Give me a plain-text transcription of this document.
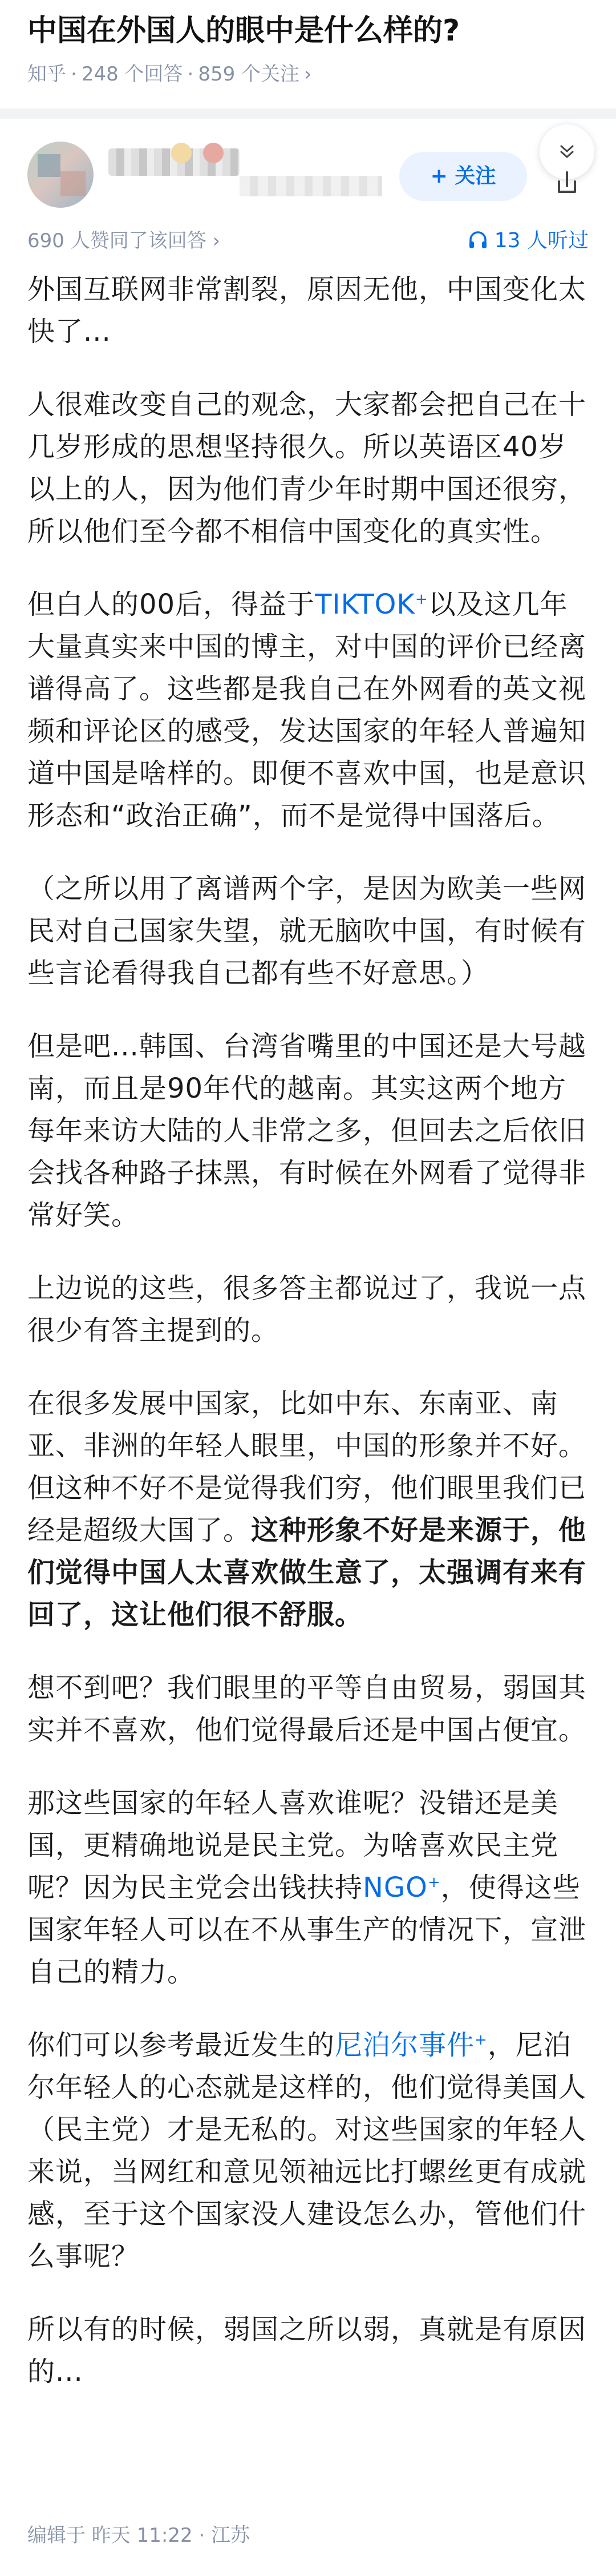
中国在外国人的眼中是什么样的?
知乎 · 248 个回答 · 859 个关注 ›
+ 关注
690 人赞同了该回答 ›	13 人听过

外国互联网非常割裂，原因无他，中国变化太快了...

人很难改变自己的观念，大家都会把自己在十几岁形成的思想坚持很久。所以英语区40岁以上的人，因为他们青少年时期中国还很穷，所以他们至今都不相信中国变化的真实性。

但白人的00后，得益于TIKTOK+以及这几年大量真实来中国的博主，对中国的评价已经离谱得高了。这些都是我自己在外网看的英文视频和评论区的感受，发达国家的年轻人普遍知道中国是啥样的。即便不喜欢中国，也是意识形态和“政治正确”，而不是觉得中国落后。

（之所以用了离谱两个字，是因为欧美一些网民对自己国家失望，就无脑吹中国，有时候有些言论看得我自己都有些不好意思。）

但是吧...韩国、台湾省嘴里的中国还是大号越南，而且是90年代的越南。其实这两个地方每年来访大陆的人非常之多，但回去之后依旧会找各种路子抹黑，有时候在外网看了觉得非常好笑。

上边说的这些，很多答主都说过了，我说一点很少有答主提到的。

在很多发展中国家，比如中东、东南亚、南亚、非洲的年轻人眼里，中国的形象并不好。但这种不好不是觉得我们穷，他们眼里我们已经是超级大国了。这种形象不好是来源于，他们觉得中国人太喜欢做生意了，太强调有来有回了，这让他们很不舒服。

想不到吧？我们眼里的平等自由贸易，弱国其实并不喜欢，他们觉得最后还是中国占便宜。

那这些国家的年轻人喜欢谁呢？没错还是美国，更精确地说是民主党。为啥喜欢民主党呢？因为民主党会出钱扶持NGO+，使得这些国家年轻人可以在不从事生产的情况下，宣泄自己的精力。

你们可以参考最近发生的尼泊尔事件+，尼泊尔年轻人的心态就是这样的，他们觉得美国人（民主党）才是无私的。对这些国家的年轻人来说，当网红和意见领袖远比打螺丝更有成就感，至于这个国家没人建设怎么办，管他们什么事呢？

所以有的时候，弱国之所以弱，真就是有原因的...

编辑于 昨天 11:22 · 江苏
